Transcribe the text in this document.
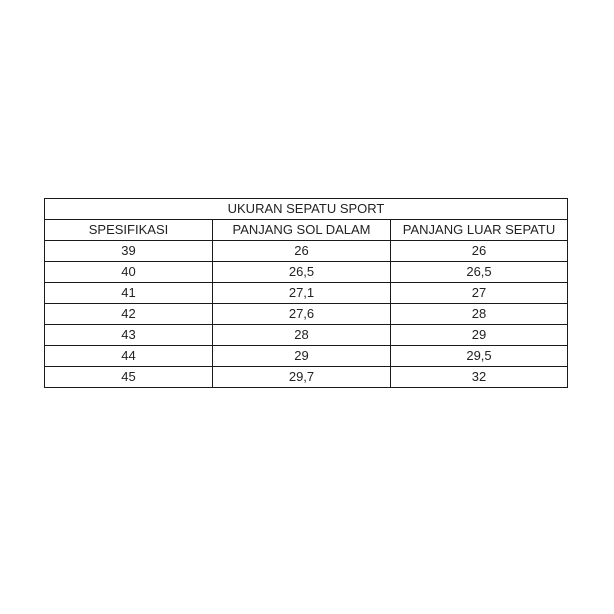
UKURAN SEPATU SPORT		
SPESIFIKASI	PANJANG SOL DALAM	PANJANG LUAR SEPATU
39	26	26
40	26,5	26,5
41	27,1	27
42	27,6	28
43	28	29
44	29	29,5
45	29,7	32
